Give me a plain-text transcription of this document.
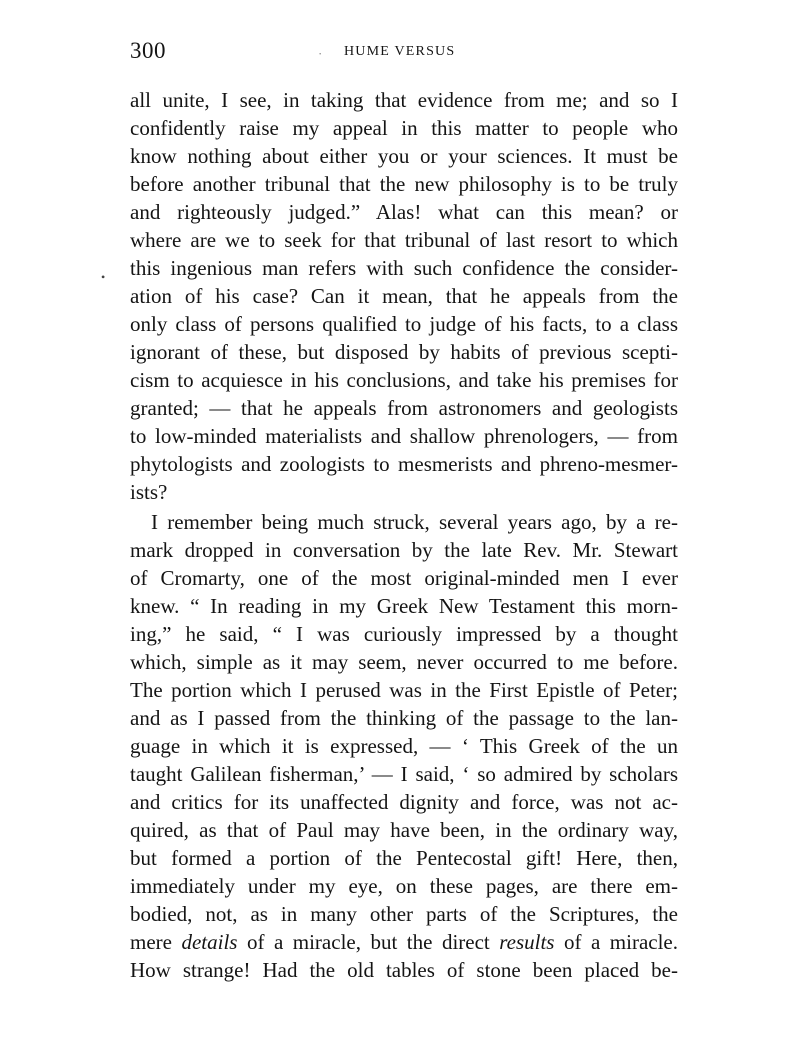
300	· HUME VERSUS
•
all unite, I see, in taking that evidence from me; and so I
confidently raise my appeal in this matter to people who
know nothing about either you or your sciences. It must be
before another tribunal that the new philosophy is to be truly
and righteously judged.” Alas! what can this mean? or
where are we to seek for that tribunal of last resort to which
this ingenious man refers with such confidence the consider-
ation of his case? Can it mean, that he appeals from the
only class of persons qualified to judge of his facts, to a class
ignorant of these, but disposed by habits of previous scepti-
cism to acquiesce in his conclusions, and take his premises for
granted; — that he appeals from astronomers and geologists
to low-minded materialists and shallow phrenologers, — from
phytologists and zoologists to mesmerists and phreno-mesmer-
ists?
I remember being much struck, several years ago, by a re-
mark dropped in conversation by the late Rev. Mr. Stewart
of Cromarty, one of the most original-minded men I ever
knew. “ In reading in my Greek New Testament this morn-
ing,” he said, “ I was curiously impressed by a thought
which, simple as it may seem, never occurred to me before.
The portion which I perused was in the First Epistle of Peter;
and as I passed from the thinking of the passage to the lan-
guage in which it is expressed, — ‘ This Greek of the un
taught Galilean fisherman,’ — I said, ‘ so admired by scholars
and critics for its unaffected dignity and force, was not ac-
quired, as that of Paul may have been, in the ordinary way,
but formed a portion of the Pentecostal gift! Here, then,
immediately under my eye, on these pages, are there em-
bodied, not, as in many other parts of the Scriptures, the
mere details of a miracle, but the direct results of a miracle.
How strange! Had the old tables of stone been placed be-
